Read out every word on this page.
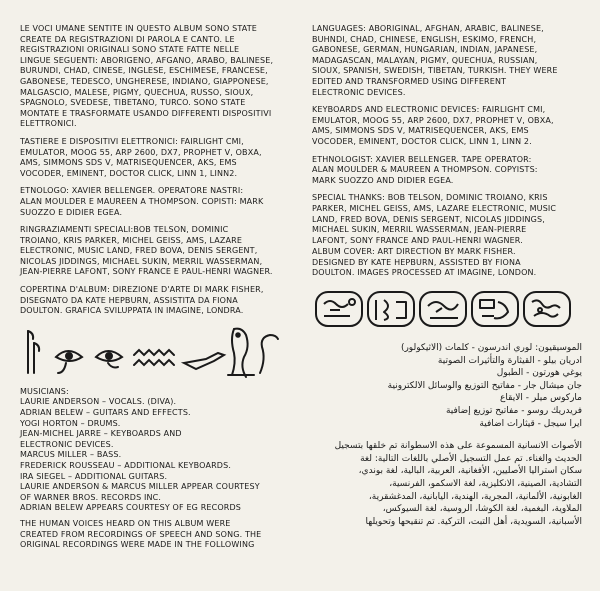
LE VOCI UMANE SENTITE IN QUESTO ALBUM SONO STATE
CREATE DA REGISTRAZIONI DI PAROLA E CANTO. LE
REGISTRAZIONI ORIGINALI SONO STATE FATTE NELLE
LINGUE SEGUENTI: ABORIGENO, AFGANO, ARABO, BALINESE,
BURUNDI, CHAD, CINESE, INGLESE, ESCHIMESE, FRANCESE,
GABONESE, TEDESCO, UNGHERESE, INDIANO, GIAPPONESE,
MALGASCIO, MALESE, PIGMY, QUECHUA, RUSSO, SIOUX,
SPAGNOLO, SVEDESE, TIBETANO, TURCO. SONO STATE
MONTATE E TRASFORMATE USANDO DIFFERENTI DISPOSITIVI
ELETTRONICI.

TASTIERE E DISPOSITIVI ELETTRONICI: FAIRLIGHT CMI,
EMULATOR, MOOG 55, ARP 2600, DX7, PROPHET V, OBXA,
AMS, SIMMONS SDS V, MATRISEQUENCER, AKS, EMS
VOCODER, EMINENT, DOCTOR CLICK, LINN 1, LINN2.

ETNOLOGO: XAVIER BELLENGER. OPERATORE NASTRI:
ALAN MOULDER E MAUREEN A THOMPSON. COPISTI: MARK
SUOZZO E DIDIER EGEA.

RINGRAZIAMENTI SPECIALI:BOB TELSON, DOMINIC
TROIANO, KRIS PARKER, MICHEL GEISS, AMS, LAZARE
ELECTRONIC, MUSIC LAND, FRED BOVA, DENIS SERGENT,
NICOLAS JIDDINGS, MICHAEL SUKIN, MERRIL WASSERMAN,
JEAN-PIERRE LAFONT, SONY FRANCE E PAUL-HENRI WAGNER.

COPERTINA D'ALBUM: DIREZIONE D'ARTE DI MARK FISHER,
DISEGNATO DA KATE HEPBURN, ASSISTITA DA FIONA
DOULTON. GRAFICA SVILUPPATA IN IMAGINE, LONDRA.

MUSICIANS:
LAURIE ANDERSON – VOCALS. (DIVA).
ADRIAN BELEW – GUITARS AND EFFECTS.
YOGI HORTON – DRUMS.
JEAN-MICHEL JARRE – KEYBOARDS AND
ELECTRONIC DEVICES.
MARCUS MILLER – BASS.
FREDERICK ROUSSEAU – ADDITIONAL KEYBOARDS.
IRA SIEGEL – ADDITIONAL GUITARS.
LAURIE ANDERSON & MARCUS MILLER APPEAR COURTESY
OF WARNER BROS. RECORDS INC.
ADRIAN BELEW APPEARS COURTESY OF EG RECORDS

THE HUMAN VOICES HEARD ON THIS ALBUM WERE
CREATED FROM RECORDINGS OF SPEECH AND SONG. THE
ORIGINAL RECORDINGS WERE MADE IN THE FOLLOWING

LANGUAGES: ABORIGINAL, AFGHAN, ARABIC, BALINESE,
BUHNDI, CHAD, CHINESE, ENGLISH, ESKIMO, FRENCH,
GABONESE, GERMAN, HUNGARIAN, INDIAN, JAPANESE,
MADAGASCAN, MALAYAN, PIGMY, QUECHUA, RUSSIAN,
SIOUX, SPANISH, SWEDISH, TIBETAN, TURKISH. THEY WERE
EDITED AND TRANSFORMED USING DIFFERENT
ELECTRONIC DEVICES.

KEYBOARDS AND ELECTRONIC DEVICES: FAIRLIGHT CMI,
EMULATOR, MOOG 55, ARP 2600, DX7, PROPHET V, OBXA,
AMS, SIMMONS SDS V, MATRISEQUENCER, AKS, EMS
VOCODER, EMINENT, DOCTOR CLICK, LINN 1, LINN 2.

ETHNOLOGIST: XAVIER BELLENGER. TAPE OPERATOR:
ALAN MOULDER & MAUREEN A THOMPSON. COPYISTS:
MARK SUOZZO AND DIDIER EGEA.

SPECIAL THANKS: BOB TELSON, DOMINIC TROIANO, KRIS
PARKER, MICHEL GEISS, AMS, LAZARE ELECTRONIC, MUSIC
LAND, FRED BOVA, DENIS SERGENT, NICOLAS JIDDINGS,
MICHAEL SUKIN, MERRIL WASSERMAN, JEAN-PIERRE
LAFONT, SONY FRANCE AND PAUL-HENRI WAGNER.

ALBUM COVER: ART DIRECTION BY MARK FISHER.
DESIGNED BY KATE HEPBURN, ASSISTED BY FIONA
DOULTON. IMAGES PROCESSED AT IMAGINE, LONDON.

الموسيقيون: لوري اندرسون - كلمات (الاثيكولور)
ادريان بيلو - القيثارة والتأثيرات الصوتية
يوغي هورتون - الطبول
جان ميشال جار - مفاتيح التوزيع والوسائل الالكترونية
ماركوس ميلر - الايقاع
فريدريك روسو - مفاتيح توزيع إضافية
ايرا سيجل - قيثارات اضافية
الأصوات الانسانية المسموعة على هذه الاسطوانة تم خلقها بتسجيل
الحديث والغناء. تم عمل التسجيل الأصلي باللغات التالية: لغة
سكان استراليا الأصليين، الأفغانية، العربية، البالية، لغة بوندي،
التشادية، الصينية، الانكليزية، لغة الاسكمو، الفرنسية،
الغابونية، الألمانية، المجرية، الهندية، اليابانية، المدغشقرية،
الملاوية، البغمية، لغة الكوشا، الروسية، لغة السيوكس،
الأسبانية، السويدية، أهل التبت، التركية. تم تنقيحها وتحويلها
